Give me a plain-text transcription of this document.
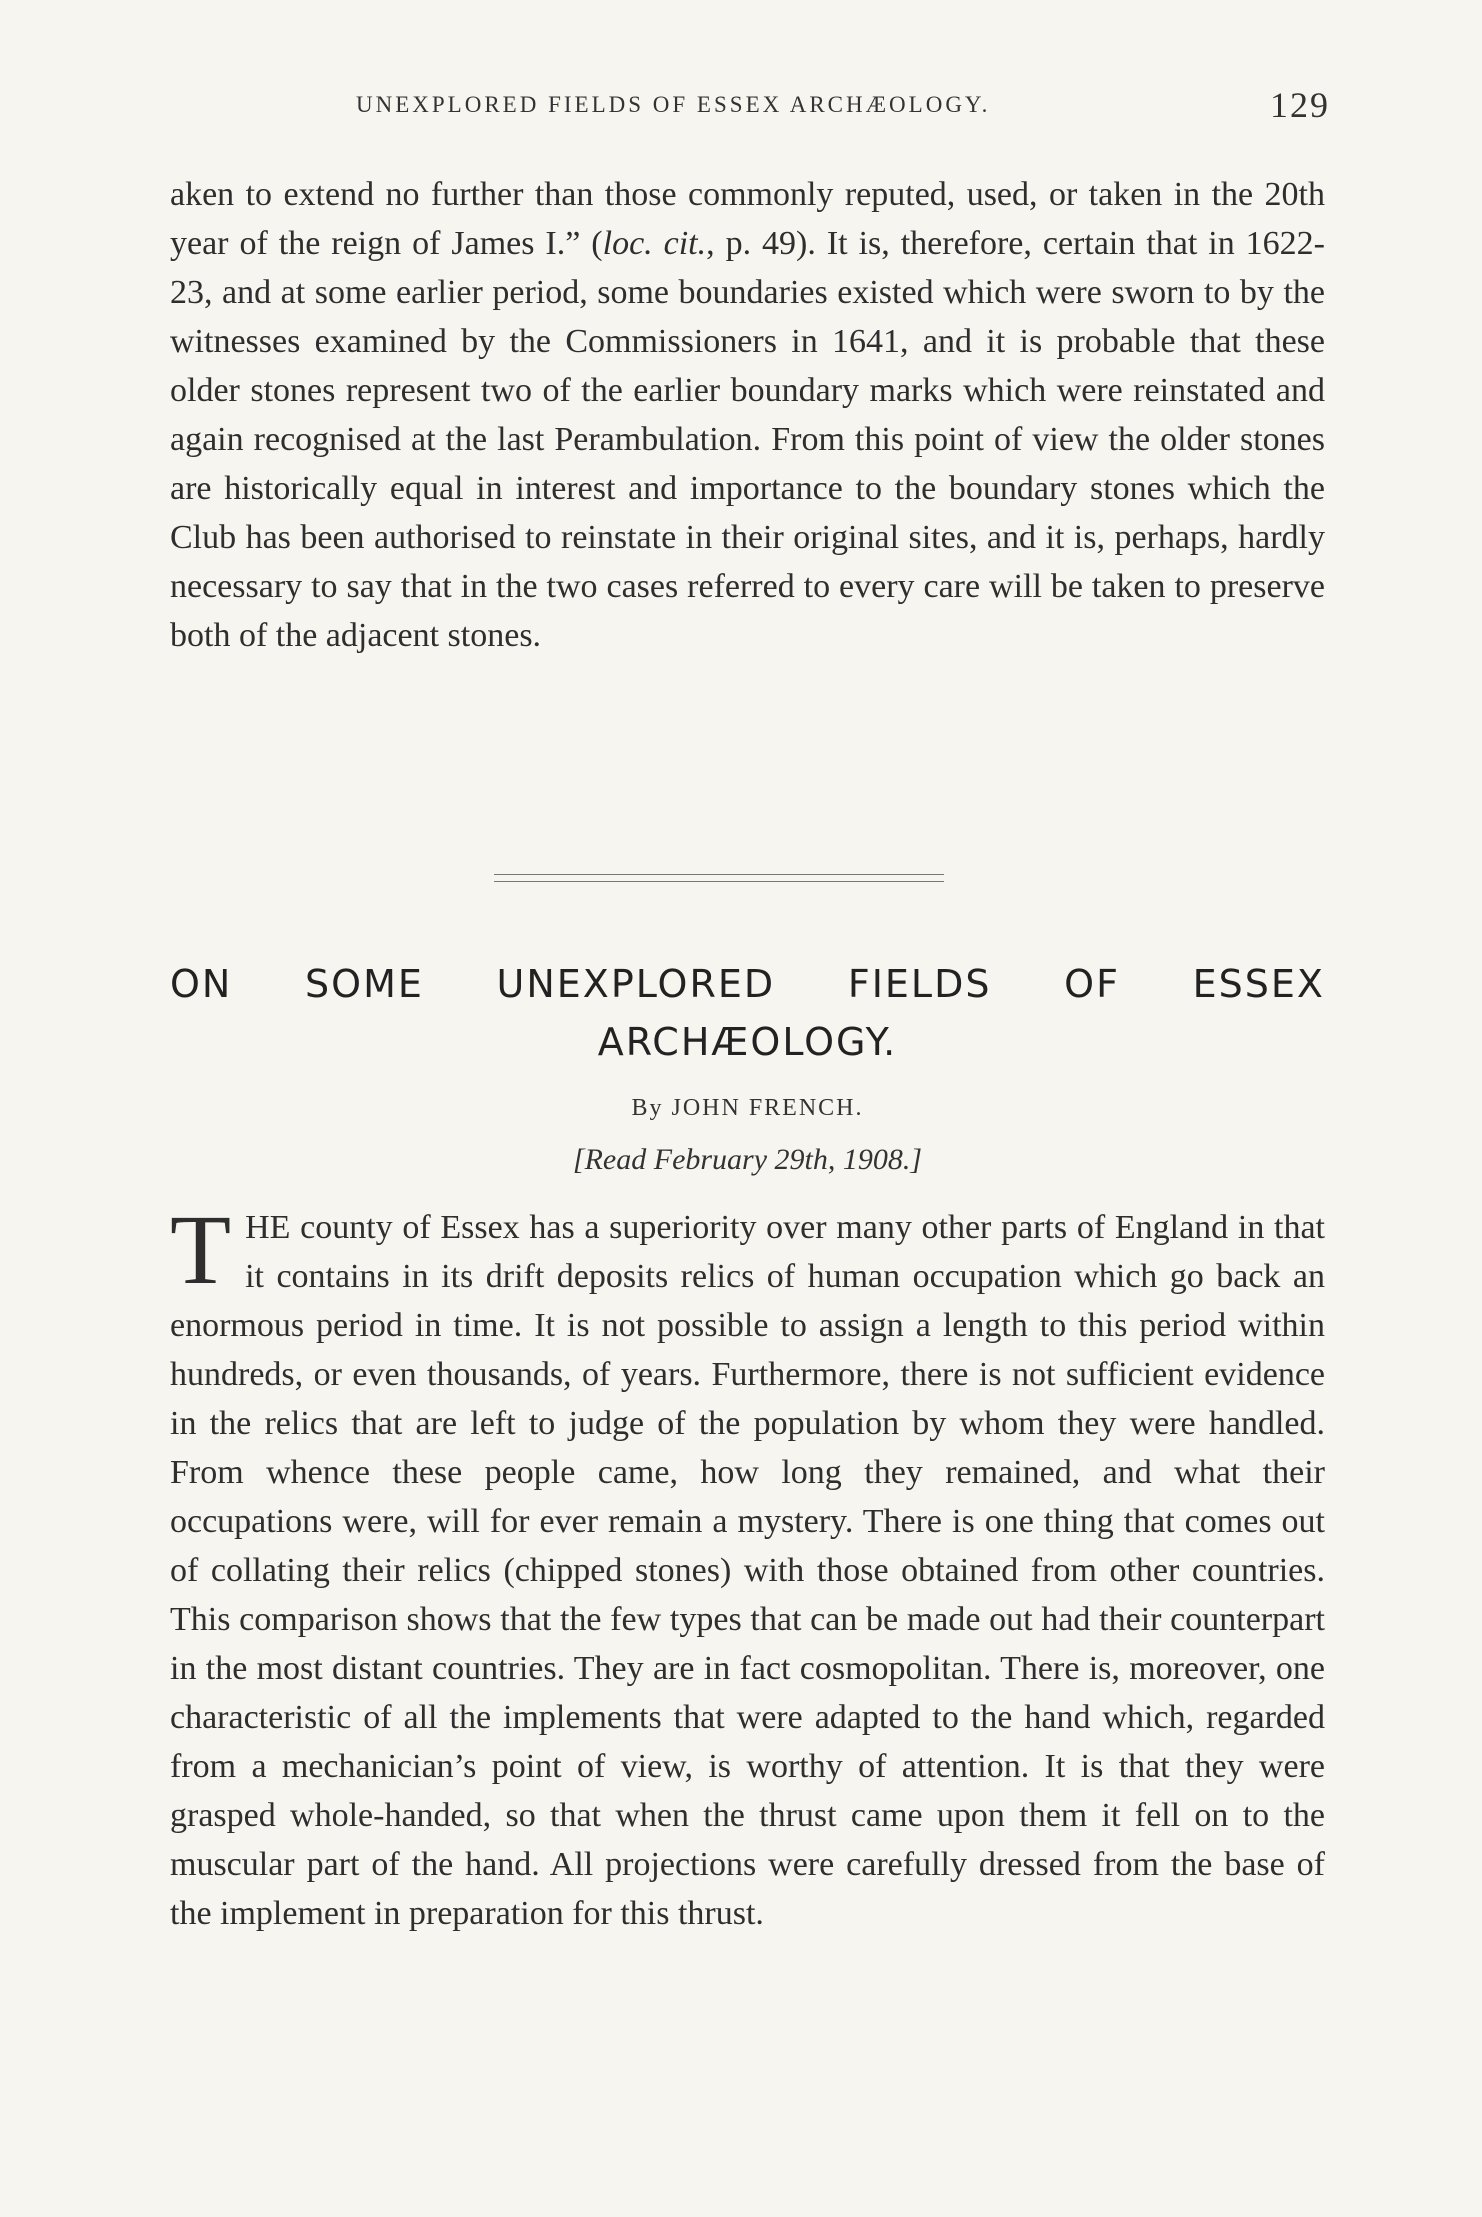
UNEXPLORED FIELDS OF ESSEX ARCHÆOLOGY.	129
aken to extend no further than those commonly reputed, used, or taken in the 20th year of the reign of James I.” (loc. cit., p. 49). It is, therefore, certain that in 1622-23, and at some earlier period, some boundaries existed which were sworn to by the witnesses examined by the Commissioners in 1641, and it is probable that these older stones represent two of the earlier boundary marks which were reinstated and again recognised at the last Perambulation. From this point of view the older stones are historically equal in interest and importance to the boundary stones which the Club has been authorised to reinstate in their original sites, and it is, perhaps, hardly necessary to say that in the two cases referred to every care will be taken to preserve both of the adjacent stones.
ON SOME UNEXPLORED FIELDS OF ESSEX
ARCHÆOLOGY.
By JOHN FRENCH.
[Read February 29th, 1908.]
THE county of Essex has a superiority over many other parts of England in that it contains in its drift deposits relics of human occupation which go back an enormous period in time. It is not possible to assign a length to this period within hundreds, or even thousands, of years. Furthermore, there is not sufficient evidence in the relics that are left to judge of the population by whom they were handled. From whence these people came, how long they remained, and what their occupations were, will for ever remain a mystery. There is one thing that comes out of collating their relics (chipped stones) with those obtained from other countries. This comparison shows that the few types that can be made out had their counterpart in the most distant countries. They are in fact cosmopolitan. There is, moreover, one characteristic of all the implements that were adapted to the hand which, regarded from a mechanician’s point of view, is worthy of attention. It is that they were grasped whole-handed, so that when the thrust came upon them it fell on to the muscular part of the hand. All projections were carefully dressed from the base of the implement in preparation for this thrust.
